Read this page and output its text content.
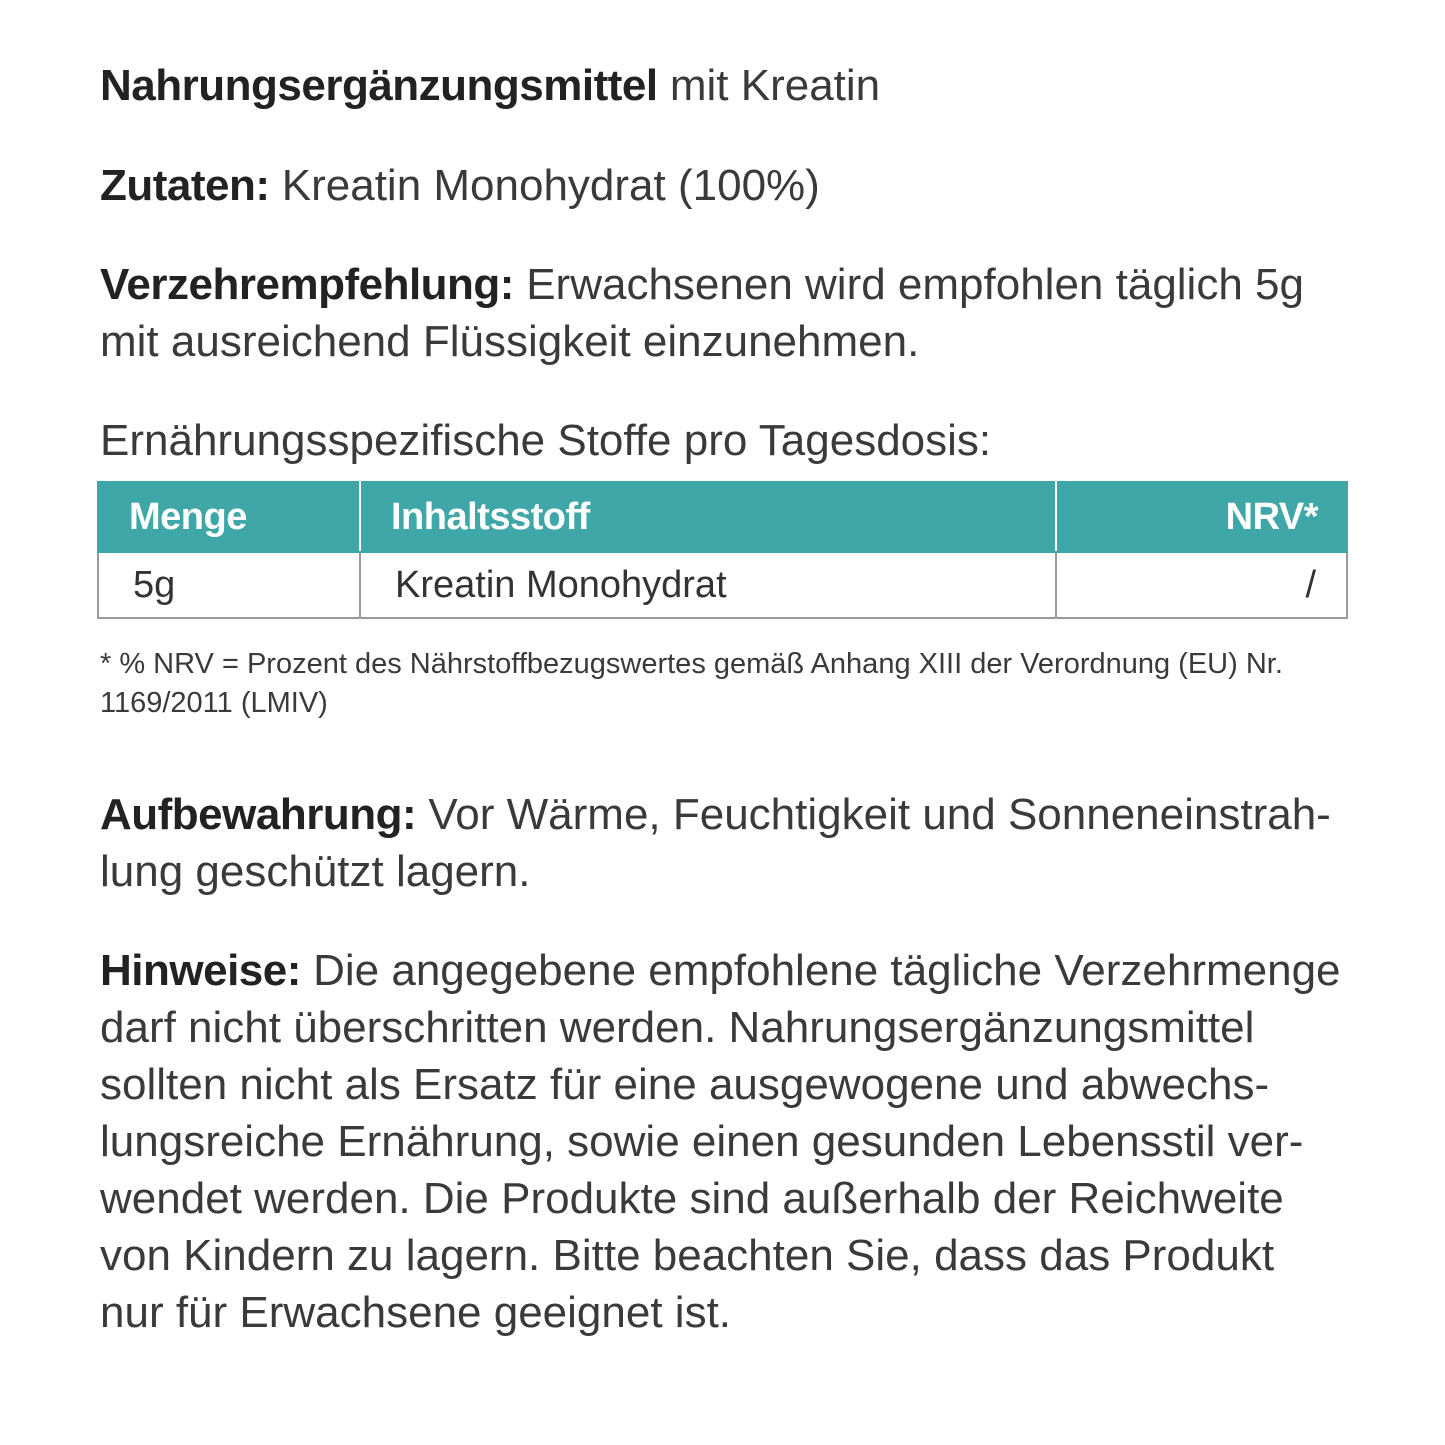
Nahrungsergänzungsmittel mit Kreatin

Zutaten: Kreatin Monohydrat (100%)

Verzehrempfehlung: Erwachsenen wird empfohlen täglich 5g
mit ausreichend Flüssigkeit einzunehmen.

Ernährungsspezifische Stoffe pro Tagesdosis:

Menge	Inhaltsstoff	NRV*
5g	Kreatin Monohydrat	/
* % NRV = Prozent des Nährstoffbezugswertes gemäß Anhang XIII der Verordnung (EU) Nr.
1169/2011 (LMIV)

Aufbewahrung: Vor Wärme, Feuchtigkeit und Sonneneinstrah-
lung geschützt lagern.

Hinweise: Die angegebene empfohlene tägliche Verzehrmenge
darf nicht überschritten werden. Nahrungsergänzungsmittel
sollten nicht als Ersatz für eine ausgewogene und abwechs-
lungsreiche Ernährung, sowie einen gesunden Lebensstil ver-
wendet werden. Die Produkte sind außerhalb der Reichweite
von Kindern zu lagern. Bitte beachten Sie, dass das Produkt
nur für Erwachsene geeignet ist.
